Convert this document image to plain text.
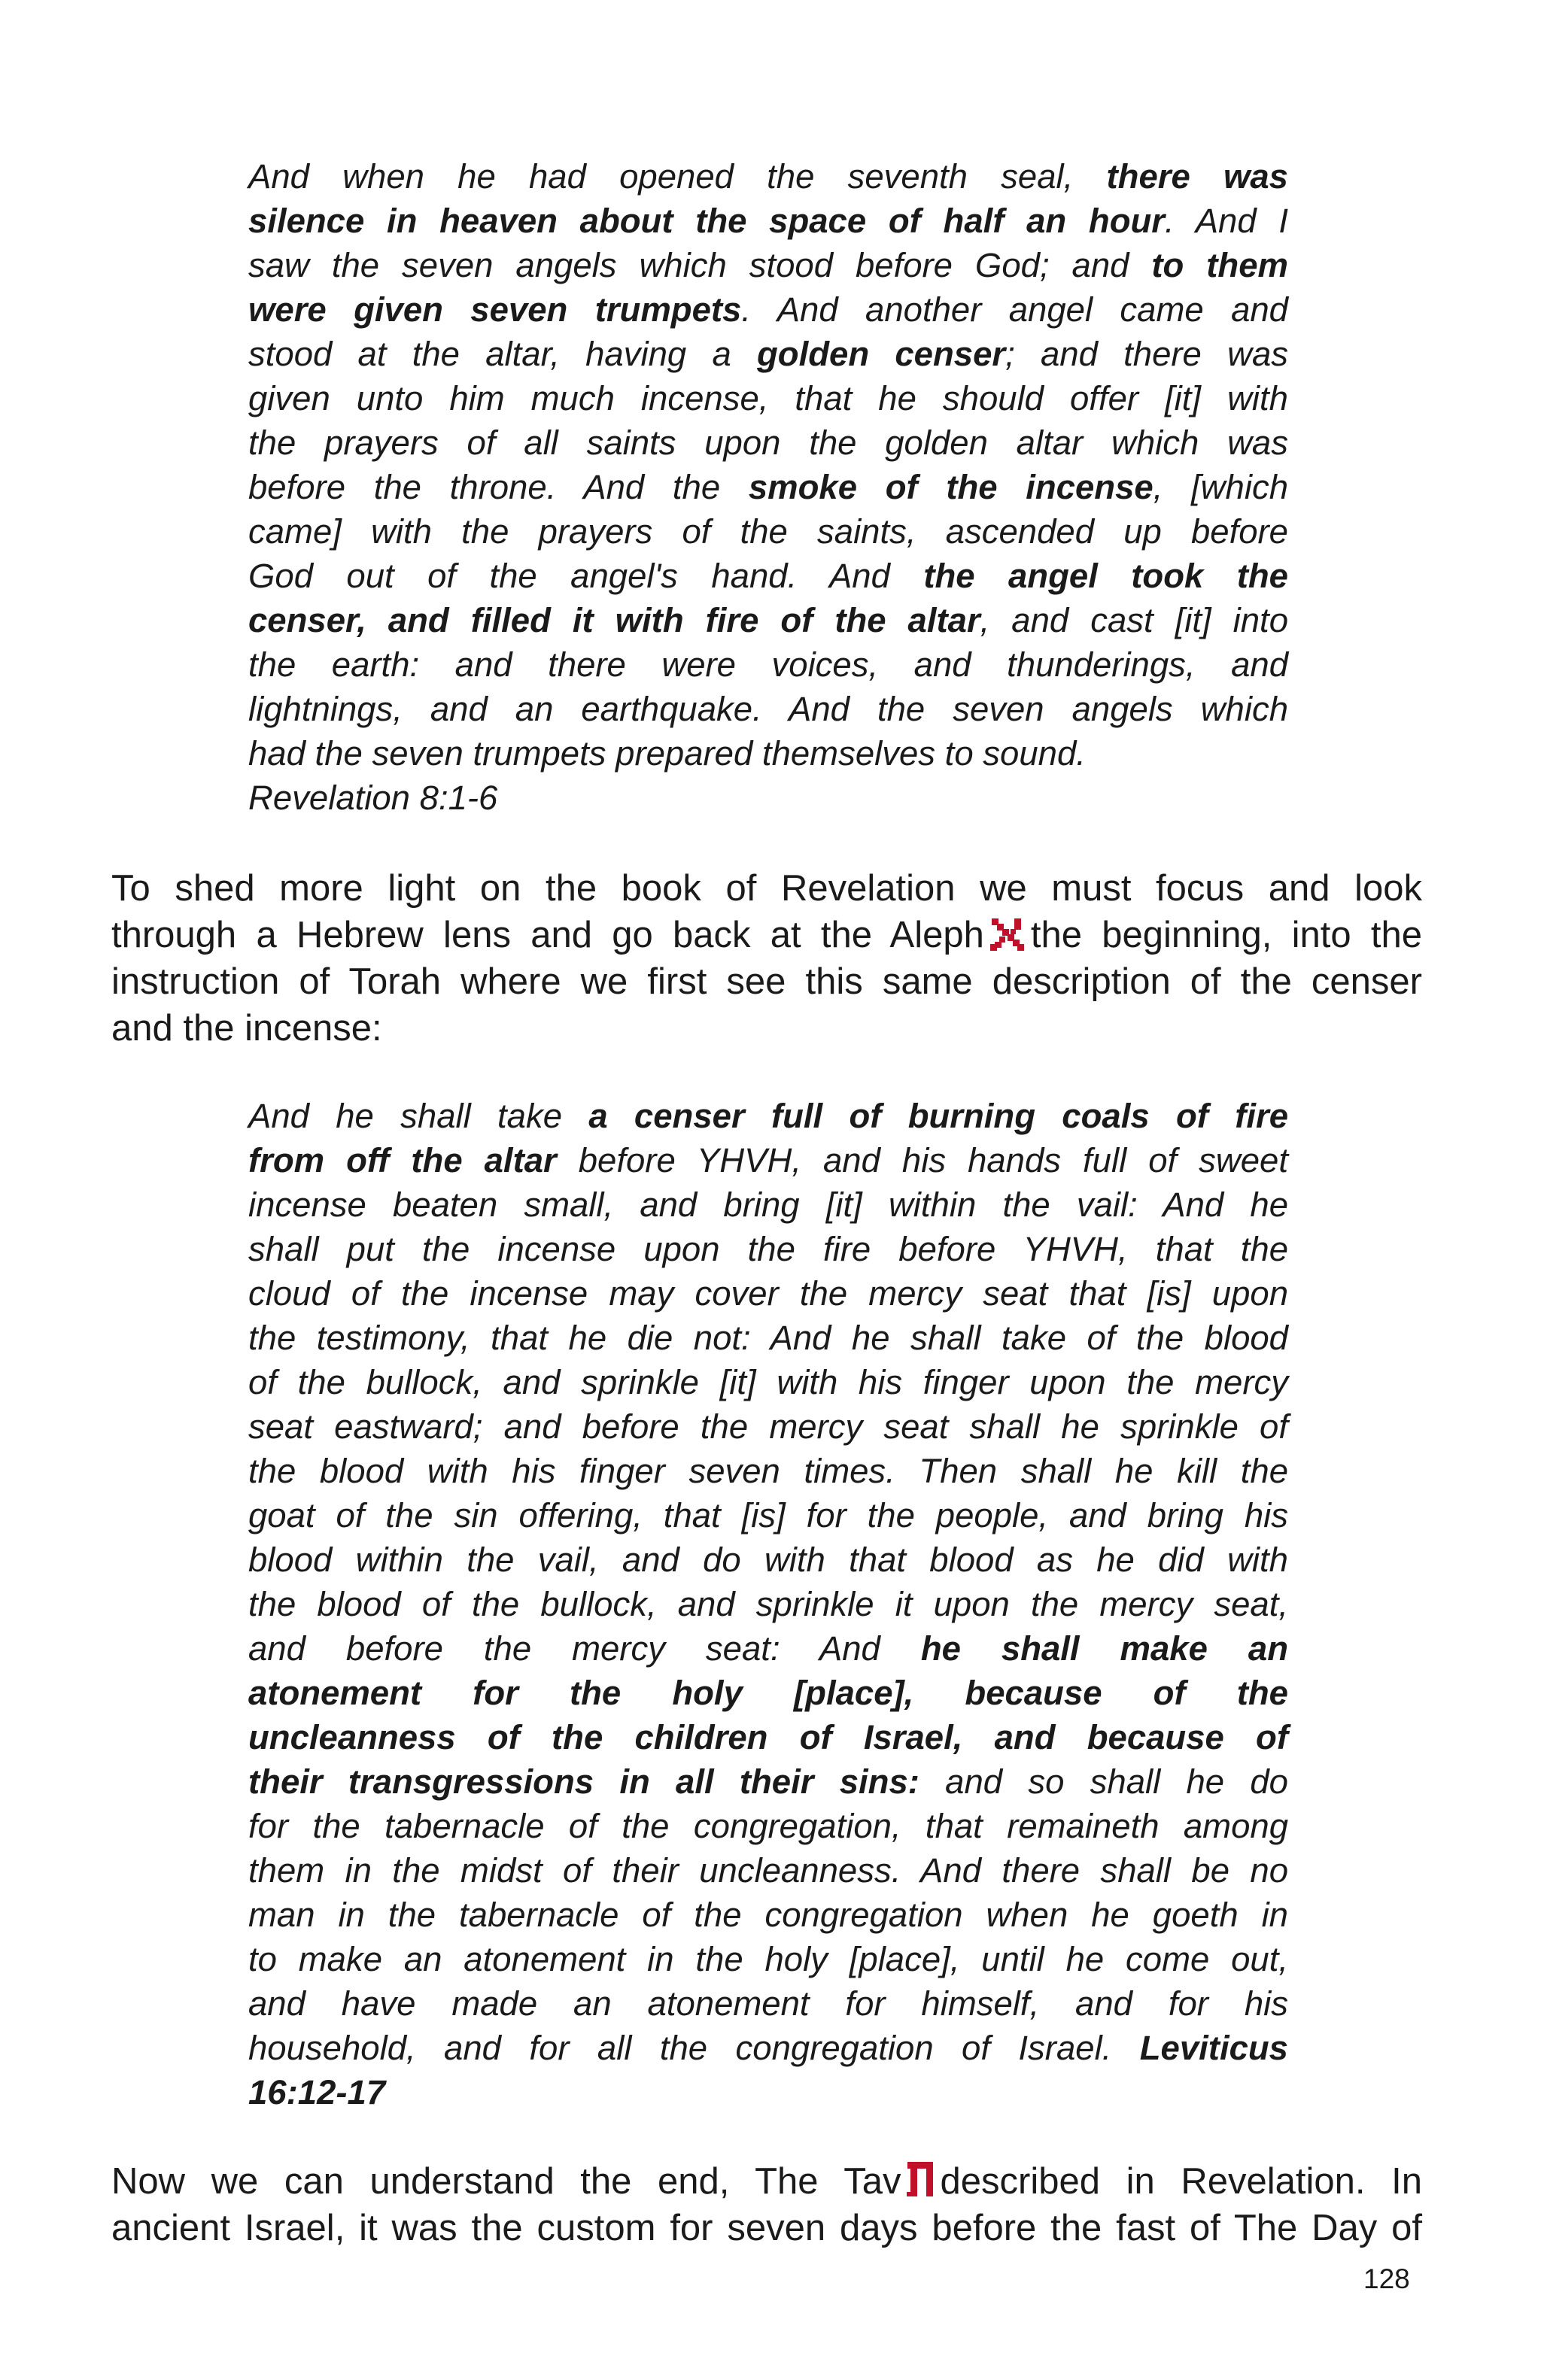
And when he had opened the seventh seal, there was
silence in heaven about the space of half an hour. And I
saw the seven angels which stood before God; and to them
were given seven trumpets. And another angel came and
stood at the altar, having a golden censer; and there was
given unto him much incense, that he should offer [it] with
the prayers of all saints upon the golden altar which was
before the throne. And the smoke of the incense, [which
came] with the prayers of the saints, ascended up before
God out of the angel's hand. And the angel took the
censer, and filled it with fire of the altar, and cast [it] into
the earth: and there were voices, and thunderings, and
lightnings, and an earthquake. And the seven angels which
had the seven trumpets prepared themselves to sound.
Revelation 8:1-6
To shed more light on the book of Revelation we must focus and look
through a Hebrew lens and go back at the Aleph the beginning, into the
instruction of Torah where we first see this same description of the censer
and the incense:
And he shall take a censer full of burning coals of fire
from off the altar before YHVH, and his hands full of sweet
incense beaten small, and bring [it] within the vail: And he
shall put the incense upon the fire before YHVH, that the
cloud of the incense may cover the mercy seat that [is] upon
the testimony, that he die not: And he shall take of the blood
of the bullock, and sprinkle [it] with his finger upon the mercy
seat eastward; and before the mercy seat shall he sprinkle of
the blood with his finger seven times. Then shall he kill the
goat of the sin offering, that [is] for the people, and bring his
blood within the vail, and do with that blood as he did with
the blood of the bullock, and sprinkle it upon the mercy seat,
and before the mercy seat: And he shall make an
atonement for the holy [place], because of the
uncleanness of the children of Israel, and because of
their transgressions in all their sins: and so shall he do
for the tabernacle of the congregation, that remaineth among
them in the midst of their uncleanness. And there shall be no
man in the tabernacle of the congregation when he goeth in
to make an atonement in the holy [place], until he come out,
and have made an atonement for himself, and for his
household, and for all the congregation of Israel. Leviticus
16:12-17
Now we can understand the end, The Tav described in Revelation. In
ancient Israel, it was the custom for seven days before the fast of The Day of
128
